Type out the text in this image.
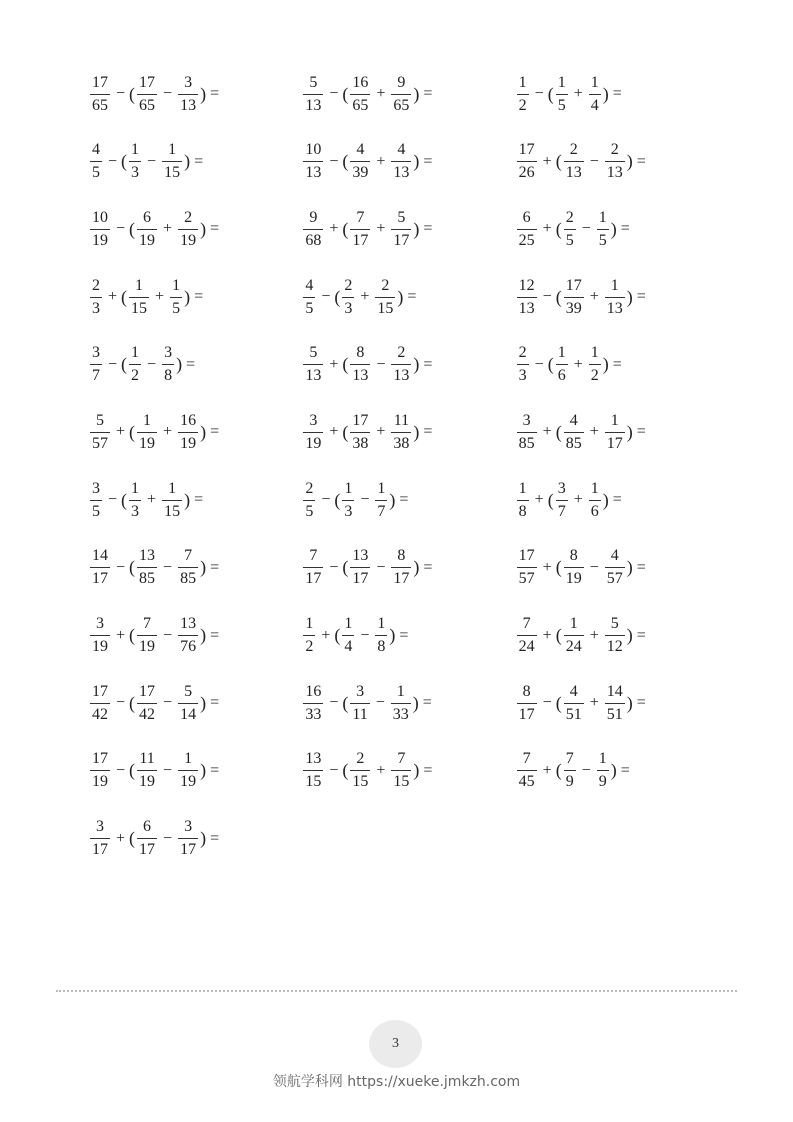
$\frac{17}{65}$ − ( $\frac{17}{65} - \frac{3}{13}$ ) =	$\frac{5}{13}$ − ( $\frac{16}{65} + \frac{9}{65}$ ) =	$\frac{1}{2}$ − ( $\frac{1}{5} + \frac{1}{4}$ ) =
$\frac{4}{5}$ − ( $\frac{1}{3} - \frac{1}{15}$ ) =	$\frac{10}{13}$ − ( $\frac{4}{39} + \frac{4}{13}$ ) =	$\frac{17}{26}$ + ( $\frac{2}{13} - \frac{2}{13}$ ) =
$\frac{10}{19}$ − ( $\frac{6}{19} + \frac{2}{19}$ ) =	$\frac{9}{68}$ + ( $\frac{7}{17} + \frac{5}{17}$ ) =	$\frac{6}{25}$ + ( $\frac{2}{5} - \frac{1}{5}$ ) =
$\frac{2}{3}$ + ( $\frac{1}{15} + \frac{1}{5}$ ) =	$\frac{4}{5}$ − ( $\frac{2}{3} + \frac{2}{15}$ ) =	$\frac{12}{13}$ − ( $\frac{17}{39} + \frac{1}{13}$ ) =
$\frac{3}{7}$ − ( $\frac{1}{2} - \frac{3}{8}$ ) =	$\frac{5}{13}$ + ( $\frac{8}{13} - \frac{2}{13}$ ) =	$\frac{2}{3}$ − ( $\frac{1}{6} + \frac{1}{2}$ ) =
$\frac{5}{57}$ + ( $\frac{1}{19} + \frac{16}{19}$ ) =	$\frac{3}{19}$ + ( $\frac{17}{38} + \frac{11}{38}$ ) =	$\frac{3}{85}$ + ( $\frac{4}{85} + \frac{1}{17}$ ) =
$\frac{3}{5}$ − ( $\frac{1}{3} + \frac{1}{15}$ ) =	$\frac{2}{5}$ − ( $\frac{1}{3} - \frac{1}{7}$ ) =	$\frac{1}{8}$ + ( $\frac{3}{7} + \frac{1}{6}$ ) =
$\frac{14}{17}$ − ( $\frac{13}{85} - \frac{7}{85}$ ) =	$\frac{7}{17}$ − ( $\frac{13}{17} - \frac{8}{17}$ ) =	$\frac{17}{57}$ + ( $\frac{8}{19} - \frac{4}{57}$ ) =
$\frac{3}{19}$ + ( $\frac{7}{19} - \frac{13}{76}$ ) =	$\frac{1}{2}$ + ( $\frac{1}{4} - \frac{1}{8}$ ) =	$\frac{7}{24}$ + ( $\frac{1}{24} + \frac{5}{12}$ ) =
$\frac{17}{42}$ − ( $\frac{17}{42} - \frac{5}{14}$ ) =	$\frac{16}{33}$ − ( $\frac{3}{11} - \frac{1}{33}$ ) =	$\frac{8}{17}$ − ( $\frac{4}{51} + \frac{14}{51}$ ) =
$\frac{17}{19}$ − ( $\frac{11}{19} - \frac{1}{19}$ ) =	$\frac{13}{15}$ − ( $\frac{2}{15} + \frac{7}{15}$ ) =	$\frac{7}{45}$ + ( $\frac{7}{9} - \frac{1}{9}$ ) =
$\frac{3}{17}$ + ( $\frac{6}{17} - \frac{3}{17}$ ) =
3
领航学科网 https://xueke.jmkzh.com
